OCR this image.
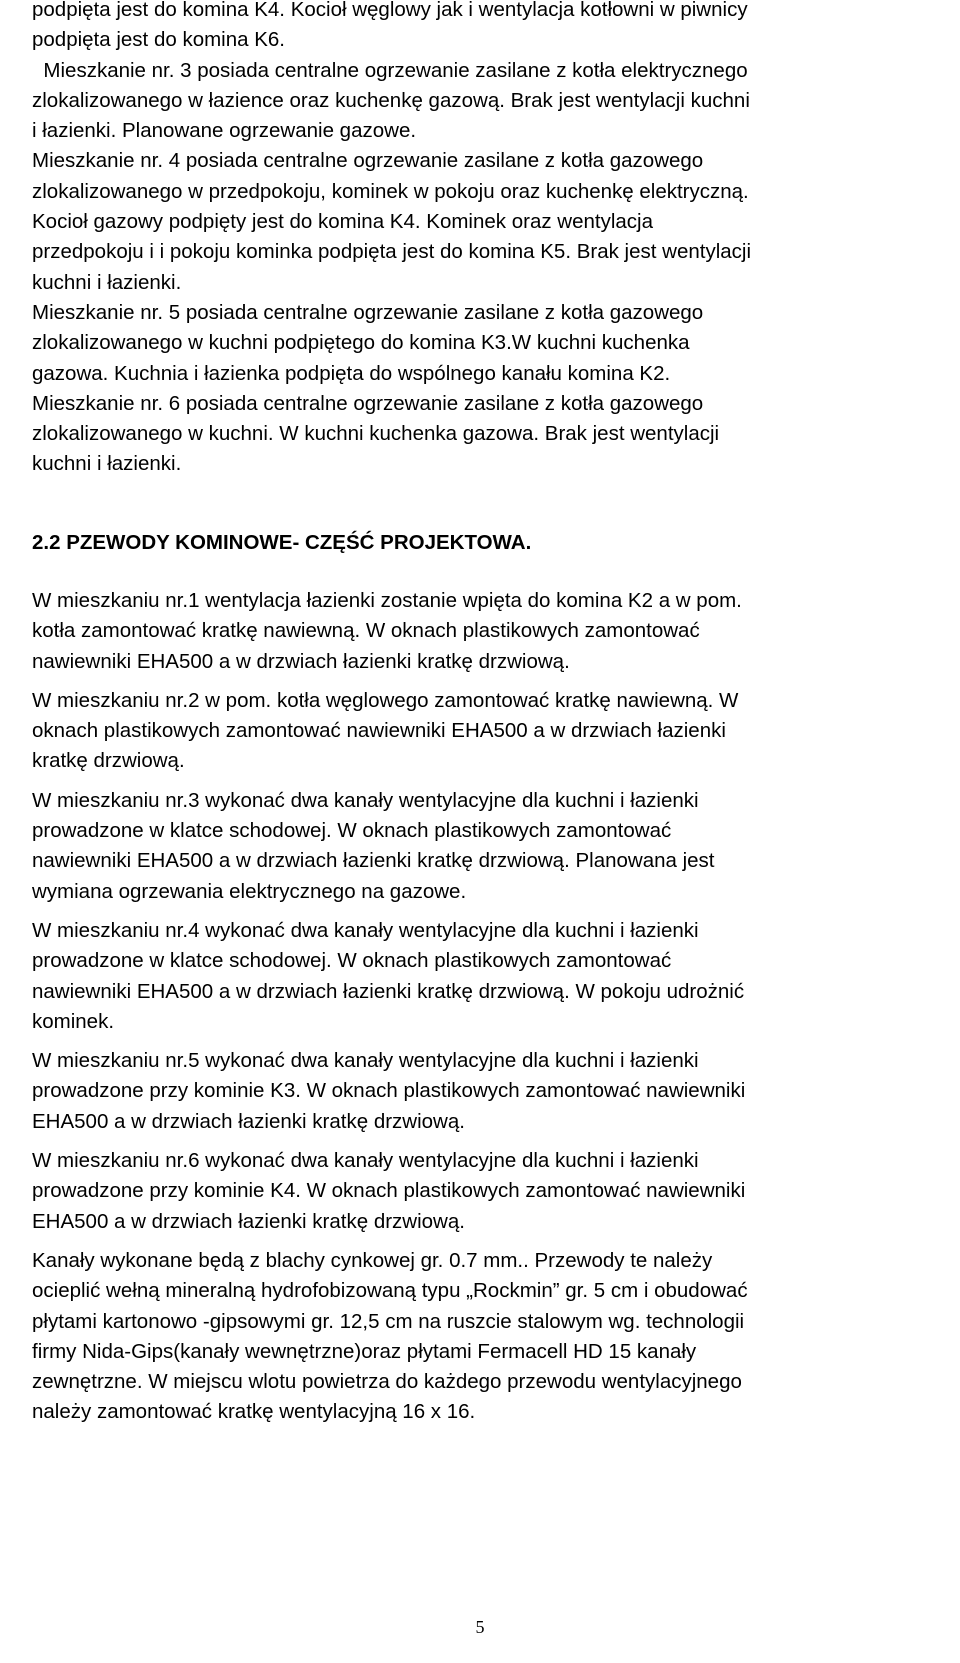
podpięta jest do komina K4. Kocioł węglowy jak i wentylacja kotłowni w piwnicy
podpięta jest do komina K6.

Mieszkanie nr. 3 posiada centralne ogrzewanie zasilane z kotła elektrycznego
zlokalizowanego w łazience oraz kuchenkę gazową. Brak jest wentylacji kuchni
i łazienki. Planowane ogrzewanie gazowe.

Mieszkanie nr. 4 posiada centralne ogrzewanie zasilane z kotła gazowego
zlokalizowanego w przedpokoju, kominek w pokoju oraz kuchenkę elektryczną.
Kocioł gazowy podpięty jest do komina K4. Kominek oraz wentylacja
przedpokoju i i pokoju kominka podpięta jest do komina K5. Brak jest wentylacji
kuchni i łazienki.

Mieszkanie nr. 5 posiada centralne ogrzewanie zasilane z kotła gazowego
zlokalizowanego w kuchni podpiętego do komina K3.W kuchni kuchenka
gazowa. Kuchnia i łazienka podpięta do wspólnego kanału komina K2.

Mieszkanie nr. 6 posiada centralne ogrzewanie zasilane z kotła gazowego
zlokalizowanego w kuchni. W kuchni kuchenka gazowa. Brak jest wentylacji
kuchni i łazienki.

2.2 PZEWODY KOMINOWE- CZĘŚĆ PROJEKTOWA.

W mieszkaniu nr.1 wentylacja łazienki zostanie wpięta do komina K2 a w pom.
kotła zamontować kratkę nawiewną. W oknach plastikowych zamontować
nawiewniki EHA500 a w drzwiach łazienki kratkę drzwiową.

W mieszkaniu nr.2 w pom. kotła węglowego zamontować kratkę nawiewną. W
oknach plastikowych zamontować nawiewniki EHA500 a w drzwiach łazienki
kratkę drzwiową.

W mieszkaniu nr.3 wykonać dwa kanały wentylacyjne dla kuchni i łazienki
prowadzone w klatce schodowej. W oknach plastikowych zamontować
nawiewniki EHA500 a w drzwiach łazienki kratkę drzwiową. Planowana jest
wymiana ogrzewania elektrycznego na gazowe.

W mieszkaniu nr.4 wykonać dwa kanały wentylacyjne dla kuchni i łazienki
prowadzone w klatce schodowej. W oknach plastikowych zamontować
nawiewniki EHA500 a w drzwiach łazienki kratkę drzwiową. W pokoju udrożnić
kominek.

W mieszkaniu nr.5 wykonać dwa kanały wentylacyjne dla kuchni i łazienki
prowadzone przy kominie K3. W oknach plastikowych zamontować nawiewniki
EHA500 a w drzwiach łazienki kratkę drzwiową.

W mieszkaniu nr.6 wykonać dwa kanały wentylacyjne dla kuchni i łazienki
prowadzone przy kominie K4. W oknach plastikowych zamontować nawiewniki
EHA500 a w drzwiach łazienki kratkę drzwiową.

Kanały wykonane będą z blachy cynkowej gr. 0.7 mm.. Przewody te należy
ocieplić wełną mineralną hydrofobizowaną typu „Rockmin” gr. 5 cm i obudować
płytami kartonowo -gipsowymi gr. 12,5 cm na ruszcie stalowym wg. technologii
firmy Nida-Gips(kanały wewnętrzne)oraz płytami Fermacell HD 15 kanały
zewnętrzne. W miejscu wlotu powietrza do każdego przewodu wentylacyjnego
należy zamontować kratkę wentylacyjną 16 x 16.

5
